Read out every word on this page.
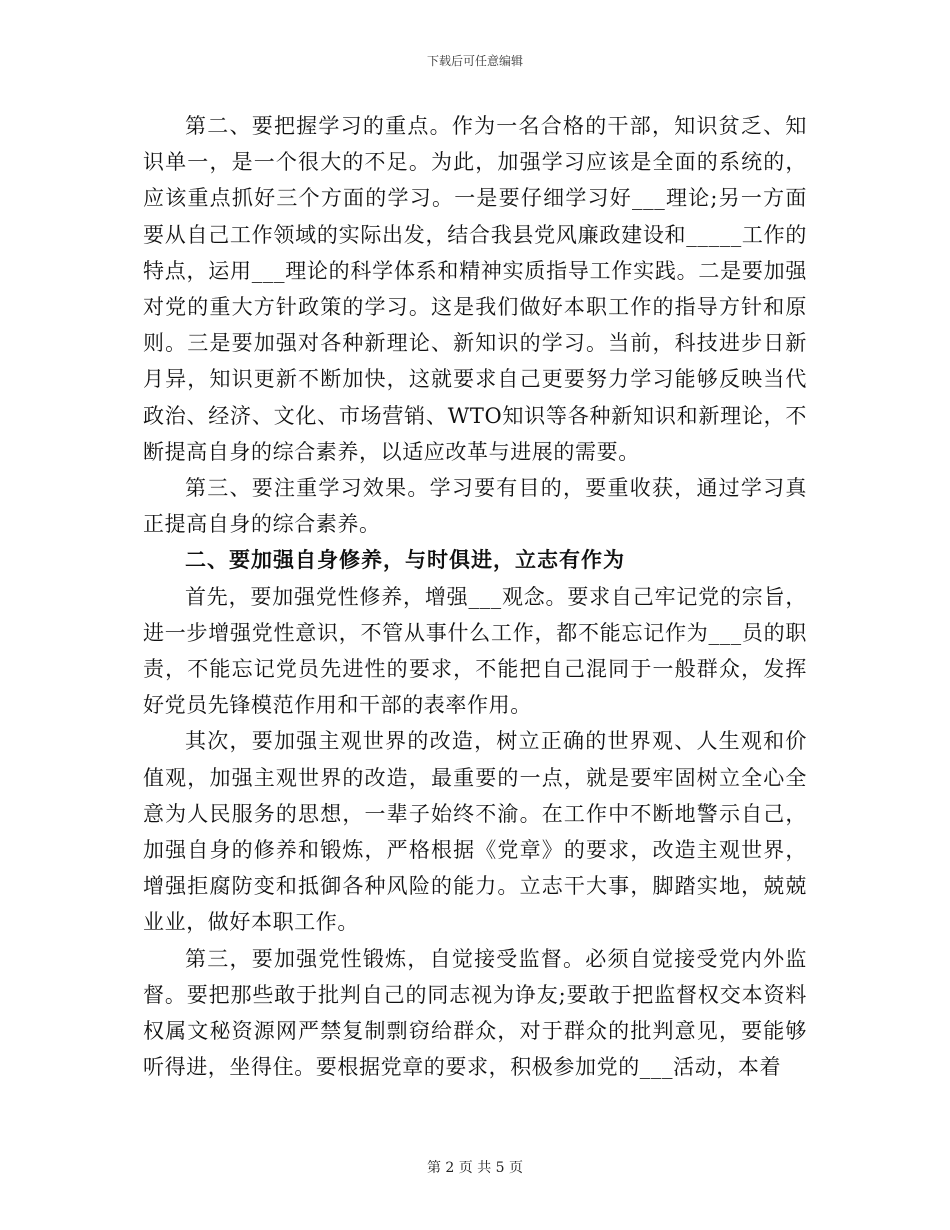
下载后可任意编辑

第二、要把握学习的重点。作为一名合格的干部，知识贫乏、知识单一，是一个很大的不足。为此，加强学习应该是全面的系统的，应该重点抓好三个方面的学习。一是要仔细学习好___理论;另一方面要从自己工作领域的实际出发，结合我县党风廉政建设和_____工作的特点，运用___理论的科学体系和精神实质指导工作实践。二是要加强对党的重大方针政策的学习。这是我们做好本职工作的指导方针和原则。三是要加强对各种新理论、新知识的学习。当前，科技进步日新月异，知识更新不断加快，这就要求自己更要努力学习能够反映当代政治、经济、文化、市场营销、WTO知识等各种新知识和新理论，不断提高自身的综合素养，以适应改革与进展的需要。

第三、要注重学习效果。学习要有目的，要重收获，通过学习真正提高自身的综合素养。

二、要加强自身修养，与时俱进，立志有作为

首先，要加强党性修养，增强___观念。要求自己牢记党的宗旨，进一步增强党性意识，不管从事什么工作，都不能忘记作为___员的职责，不能忘记党员先进性的要求，不能把自己混同于一般群众，发挥好党员先锋模范作用和干部的表率作用。

其次，要加强主观世界的改造，树立正确的世界观、人生观和价值观，加强主观世界的改造，最重要的一点，就是要牢固树立全心全意为人民服务的思想，一辈子始终不渝。在工作中不断地警示自己，加强自身的修养和锻炼，严格根据《党章》的要求，改造主观世界，增强拒腐防变和抵御各种风险的能力。立志干大事，脚踏实地，兢兢业业，做好本职工作。

第三，要加强党性锻炼，自觉接受监督。必须自觉接受党内外监督。要把那些敢于批判自己的同志视为诤友;要敢于把监督权交本资料权属文秘资源网严禁复制剽窃给群众，对于群众的批判意见，要能够听得进，坐得住。要根据党章的要求，积极参加党的___活动，本着

第 2 页 共 5 页
